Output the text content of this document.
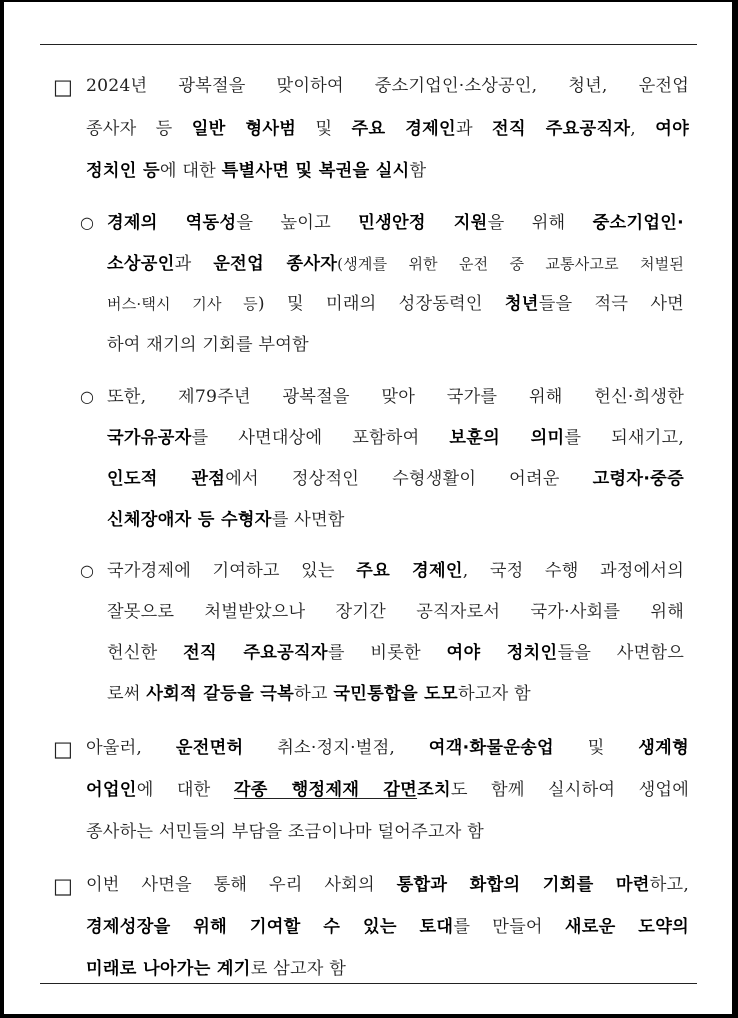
□ 2024년 광복절을 맞이하여 중소기업인·소상공인, 청년, 운전업
종사자 등 일반 형사범 및 주요 경제인과 전직 주요공직자, 여야
정치인 등에 대한 특별사면 및 복권을 실시함
○ 경제의 역동성을 높이고 민생안정 지원을 위해 중소기업인·
소상공인과 운전업 종사자(생계를 위한 운전 중 교통사고로 처벌된
버스·택시 기사 등) 및 미래의 성장동력인 청년들을 적극 사면
하여 재기의 기회를 부여함
○ 또한, 제79주년 광복절을 맞아 국가를 위해 헌신·희생한
국가유공자를 사면대상에 포함하여 보훈의 의미를 되새기고,
인도적 관점에서 정상적인 수형생활이 어려운 고령자·중증
신체장애자 등 수형자를 사면함
○ 국가경제에 기여하고 있는 주요 경제인, 국정 수행 과정에서의
잘못으로 처벌받았으나 장기간 공직자로서 국가·사회를 위해
헌신한 전직 주요공직자를 비롯한 여야 정치인들을 사면함으
로써 사회적 갈등을 극복하고 국민통합을 도모하고자 함
□ 아울러, 운전면허 취소·정지·벌점, 여객·화물운송업 및 생계형
어업인에 대한 각종 행정제재 감면조치도 함께 실시하여 생업에
종사하는 서민들의 부담을 조금이나마 덜어주고자 함
□ 이번 사면을 통해 우리 사회의 통합과 화합의 기회를 마련하고,
경제성장을 위해 기여할 수 있는 토대를 만들어 새로운 도약의
미래로 나아가는 계기로 삼고자 함
